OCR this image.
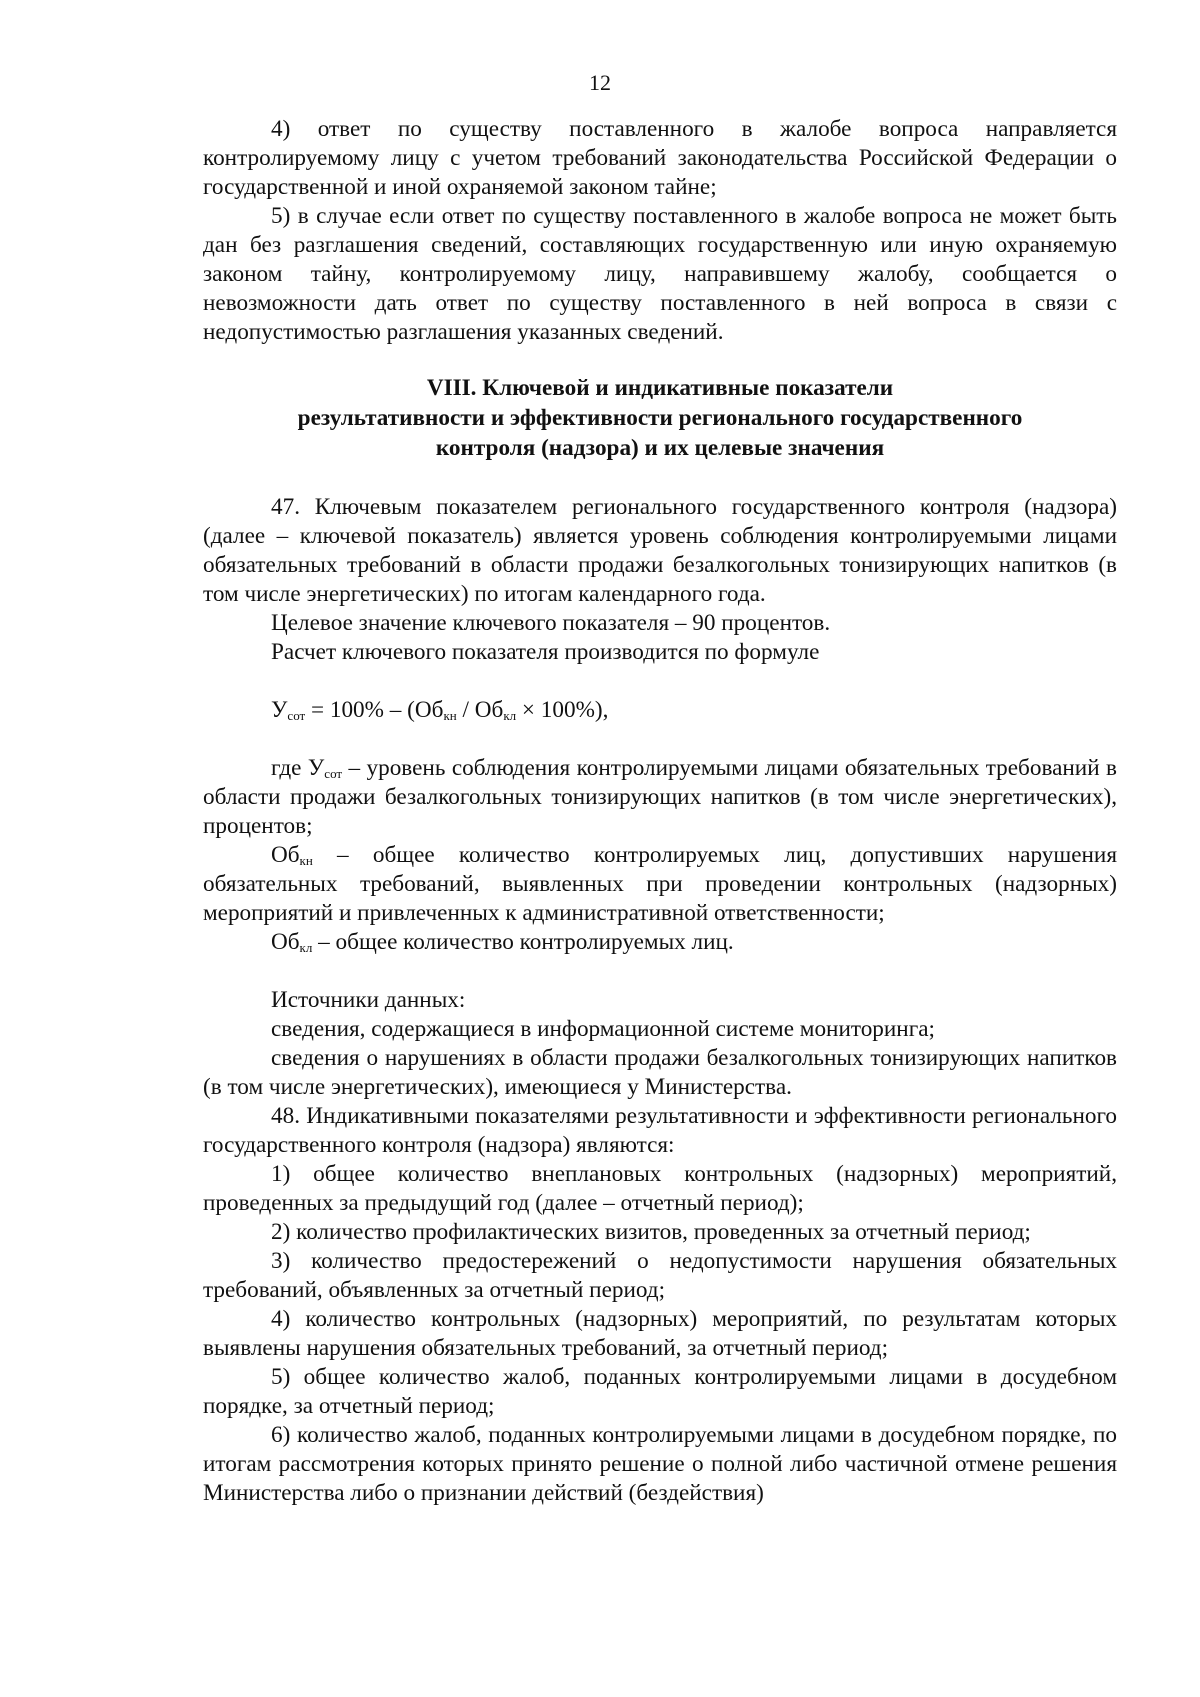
12

4) ответ по существу поставленного в жалобе вопроса направляется контролируемому лицу с учетом требований законодательства Российской Федерации о государственной и иной охраняемой законом тайне;

5) в случае если ответ по существу поставленного в жалобе вопроса не может быть дан без разглашения сведений, составляющих государственную или иную охраняемую законом тайну, контролируемому лицу, направившему жалобу, сообщается о невозможности дать ответ по существу поставленного в ней вопроса в связи с недопустимостью разглашения указанных сведений.

VIII. Ключевой и индикативные показатели
результативности и эффективности регионального государственного
контроля (надзора) и их целевые значения

47. Ключевым показателем регионального государственного контроля (надзора) (далее – ключевой показатель) является уровень соблюдения контролируемыми лицами обязательных требований в области продажи безалкогольных тонизирующих напитков (в том числе энергетических) по итогам календарного года.

Целевое значение ключевого показателя – 90 процентов.

Расчет ключевого показателя производится по формуле

$У_{сот} = 100\% - (Об_{кн} / Об_{кл} \times 100\%)$,

где $У_{сот}$ – уровень соблюдения контролируемыми лицами обязательных требований в области продажи безалкогольных тонизирующих напитков (в том числе энергетических), процентов;

$Об_{кн}$ – общее количество контролируемых лиц, допустивших нарушения обязательных требований, выявленных при проведении контрольных (надзорных) мероприятий и привлеченных к административной ответственности;

$Об_{кл}$ – общее количество контролируемых лиц.

Источники данных:

сведения, содержащиеся в информационной системе мониторинга;

сведения о нарушениях в области продажи безалкогольных тонизирующих напитков (в том числе энергетических), имеющиеся у Министерства.

48. Индикативными показателями результативности и эффективности регионального государственного контроля (надзора) являются:

1) общее количество внеплановых контрольных (надзорных) мероприятий, проведенных за предыдущий год (далее – отчетный период);

2) количество профилактических визитов, проведенных за отчетный период;

3) количество предостережений о недопустимости нарушения обязательных требований, объявленных за отчетный период;

4) количество контрольных (надзорных) мероприятий, по результатам которых выявлены нарушения обязательных требований, за отчетный период;

5) общее количество жалоб, поданных контролируемыми лицами в досудебном порядке, за отчетный период;

6) количество жалоб, поданных контролируемыми лицами в досудебном порядке, по итогам рассмотрения которых принято решение о полной либо частичной отмене решения Министерства либо о признании действий (бездействия)
